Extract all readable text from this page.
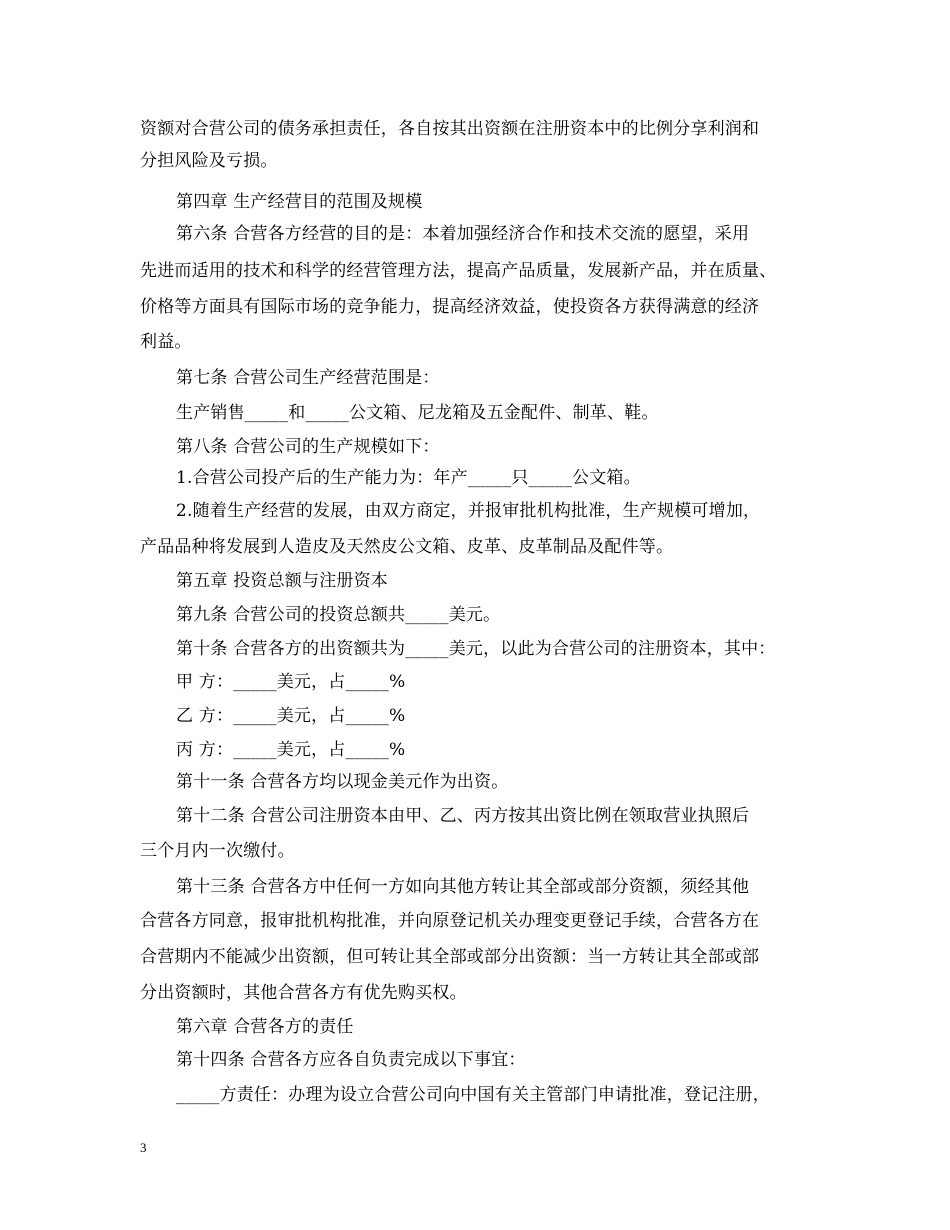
资额对合营公司的债务承担责任，各自按其出资额在注册资本中的比例分享利润和
分担风险及亏损。
第四章 生产经营目的范围及规模
第六条 合营各方经营的目的是：本着加强经济合作和技术交流的愿望，采用
先进而适用的技术和科学的经营管理方法，提高产品质量，发展新产品，并在质量、
价格等方面具有国际市场的竞争能力，提高经济效益，使投资各方获得满意的经济
利益。
第七条 合营公司生产经营范围是：
生产销售_____和_____公文箱、尼龙箱及五金配件、制革、鞋。
第八条 合营公司的生产规模如下：
1.合营公司投产后的生产能力为：年产_____只_____公文箱。
2.随着生产经营的发展，由双方商定，并报审批机构批准，生产规模可增加，
产品品种将发展到人造皮及天然皮公文箱、皮革、皮革制品及配件等。
第五章 投资总额与注册资本
第九条 合营公司的投资总额共_____美元。
第十条 合营各方的出资额共为_____美元，以此为合营公司的注册资本，其中：
甲 方：_____美元，占_____%
乙 方：_____美元，占_____%
丙 方：_____美元，占_____%
第十一条 合营各方均以现金美元作为出资。
第十二条 合营公司注册资本由甲、乙、丙方按其出资比例在领取营业执照后
三个月内一次缴付。
第十三条 合营各方中任何一方如向其他方转让其全部或部分资额，须经其他
合营各方同意，报审批机构批准，并向原登记机关办理变更登记手续，合营各方在
合营期内不能减少出资额，但可转让其全部或部分出资额：当一方转让其全部或部
分出资额时，其他合营各方有优先购买权。
第六章 合营各方的责任
第十四条 合营各方应各自负责完成以下事宜：
_____方责任：办理为设立合营公司向中国有关主管部门申请批准，登记注册，
3
